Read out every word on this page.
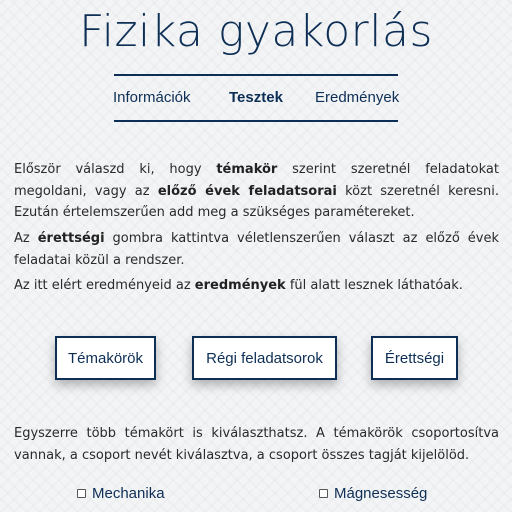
Fizika gyakorlás
Információk	Tesztek Eredmények

Először válaszd ki, hogy témakör szerint szeretnél feladatokat megoldani, vagy az előző évek feladatsorai közt szeretnél keresni. Ezután értelemszerűen add meg a szükséges paramétereket.

Az érettségi gombra kattintva véletlenszerűen választ az előző évek feladatai közül a rendszer.

Az itt elért eredményeid az eredmények fül alatt lesznek láthatóak.

Témakörök	Régi feladatsorok	Érettségi

Egyszerre több témakört is kiválaszthatsz. A témakörök csoportosítva vannak, a csoport nevét kiválasztva, a csoport összes tagját kijelölöd.

Mechanika	Mágnesesség
